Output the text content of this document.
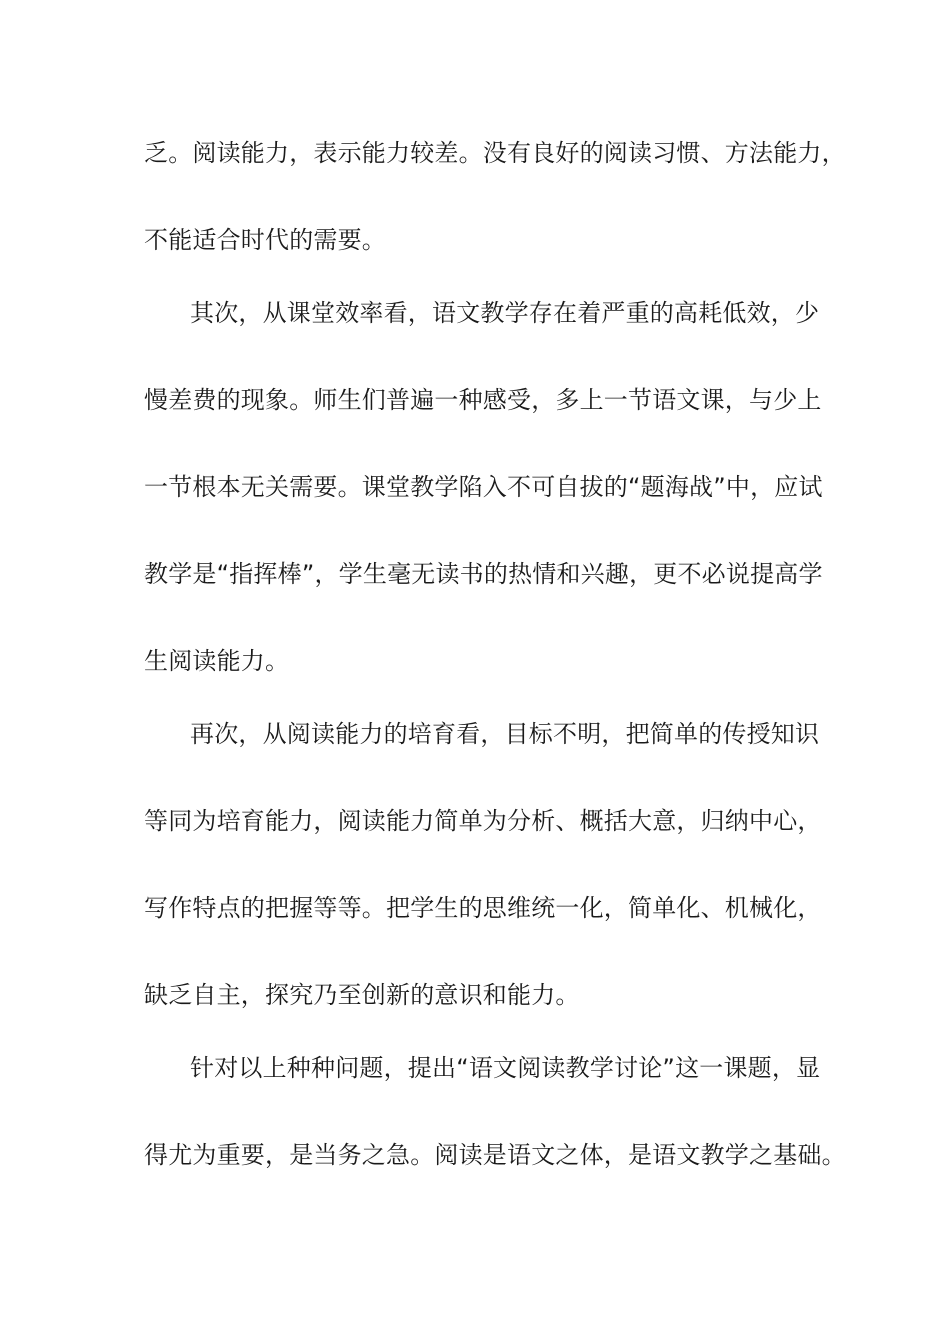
乏。阅读能力，表示能力较差。没有良好的阅读习惯、方法能力，
不能适合时代的需要。
其次，从课堂效率看，语文教学存在着严重的高耗低效，少
慢差费的现象。师生们普遍一种感受，多上一节语文课，与少上
一节根本无关需要。课堂教学陷入不可自拔的“题海战”中，应试
教学是“指挥棒”，学生毫无读书的热情和兴趣，更不必说提高学
生阅读能力。
再次，从阅读能力的培育看，目标不明，把简单的传授知识
等同为培育能力，阅读能力简单为分析、概括大意，归纳中心，
写作特点的把握等等。把学生的思维统一化，简单化、机械化，
缺乏自主，探究乃至创新的意识和能力。
针对以上种种问题，提出“语文阅读教学讨论”这一课题，显
得尤为重要，是当务之急。阅读是语文之体，是语文教学之基础。
